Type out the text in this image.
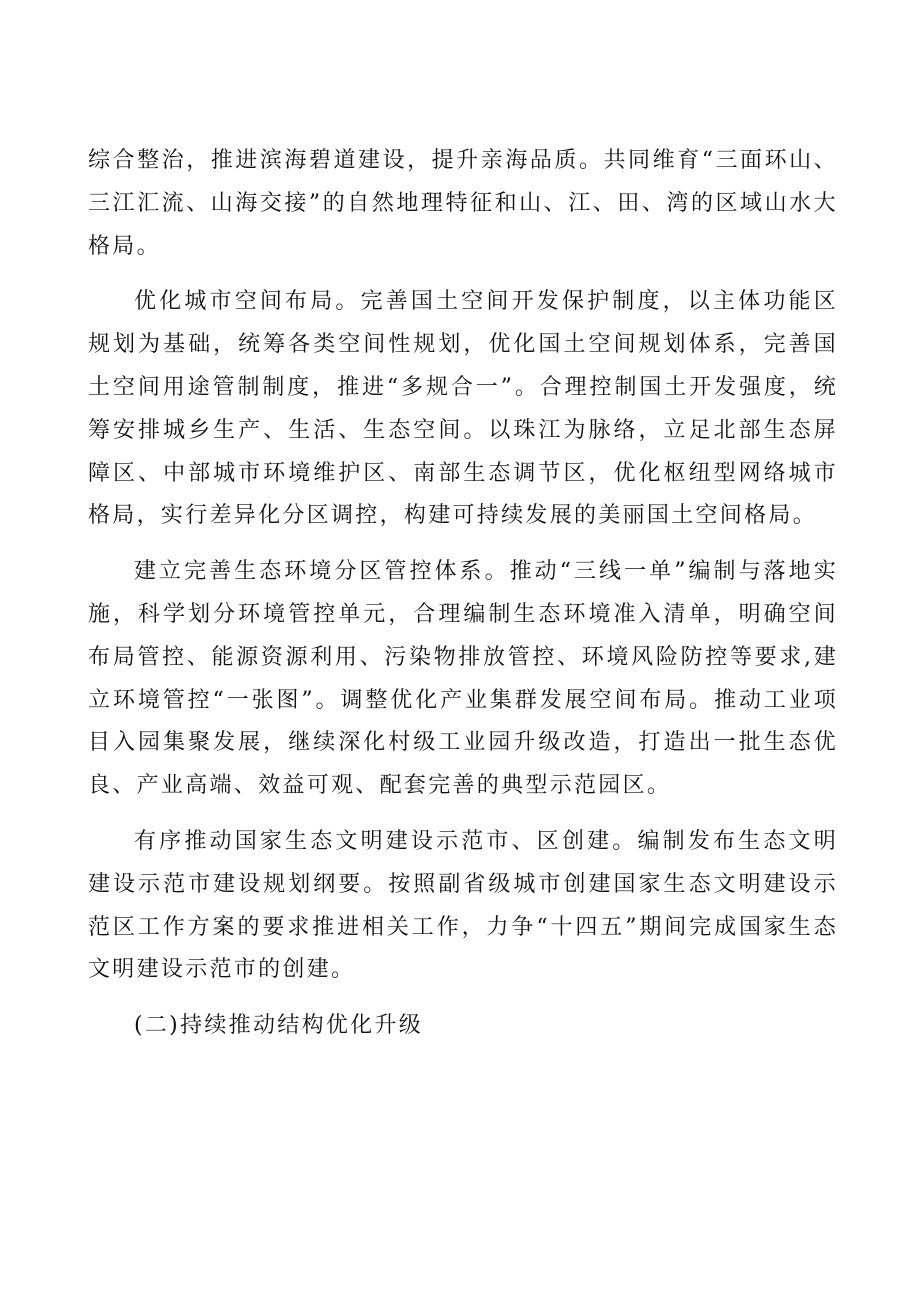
综合整治，推进滨海碧道建设，提升亲海品质。共同维育“三面环山、三江汇流、山海交接”的自然地理特征和山、江、田、湾的区域山水大格局。

优化城市空间布局。完善国土空间开发保护制度，以主体功能区规划为基础，统筹各类空间性规划，优化国土空间规划体系，完善国土空间用途管制制度，推进“多规合一”。合理控制国土开发强度，统筹安排城乡生产、生活、生态空间。以珠江为脉络，立足北部生态屏障区、中部城市环境维护区、南部生态调节区，优化枢纽型网络城市格局，实行差异化分区调控，构建可持续发展的美丽国土空间格局。

建立完善生态环境分区管控体系。推动“三线一单”编制与落地实施，科学划分环境管控单元，合理编制生态环境准入清单，明确空间布局管控、能源资源利用、污染物排放管控、环境风险防控等要求,建立环境管控“一张图”。调整优化产业集群发展空间布局。推动工业项目入园集聚发展，继续深化村级工业园升级改造，打造出一批生态优良、产业高端、效益可观、配套完善的典型示范园区。

有序推动国家生态文明建设示范市、区创建。编制发布生态文明建设示范市建设规划纲要。按照副省级城市创建国家生态文明建设示范区工作方案的要求推进相关工作，力争“十四五”期间完成国家生态文明建设示范市的创建。

(二)持续推动结构优化升级
